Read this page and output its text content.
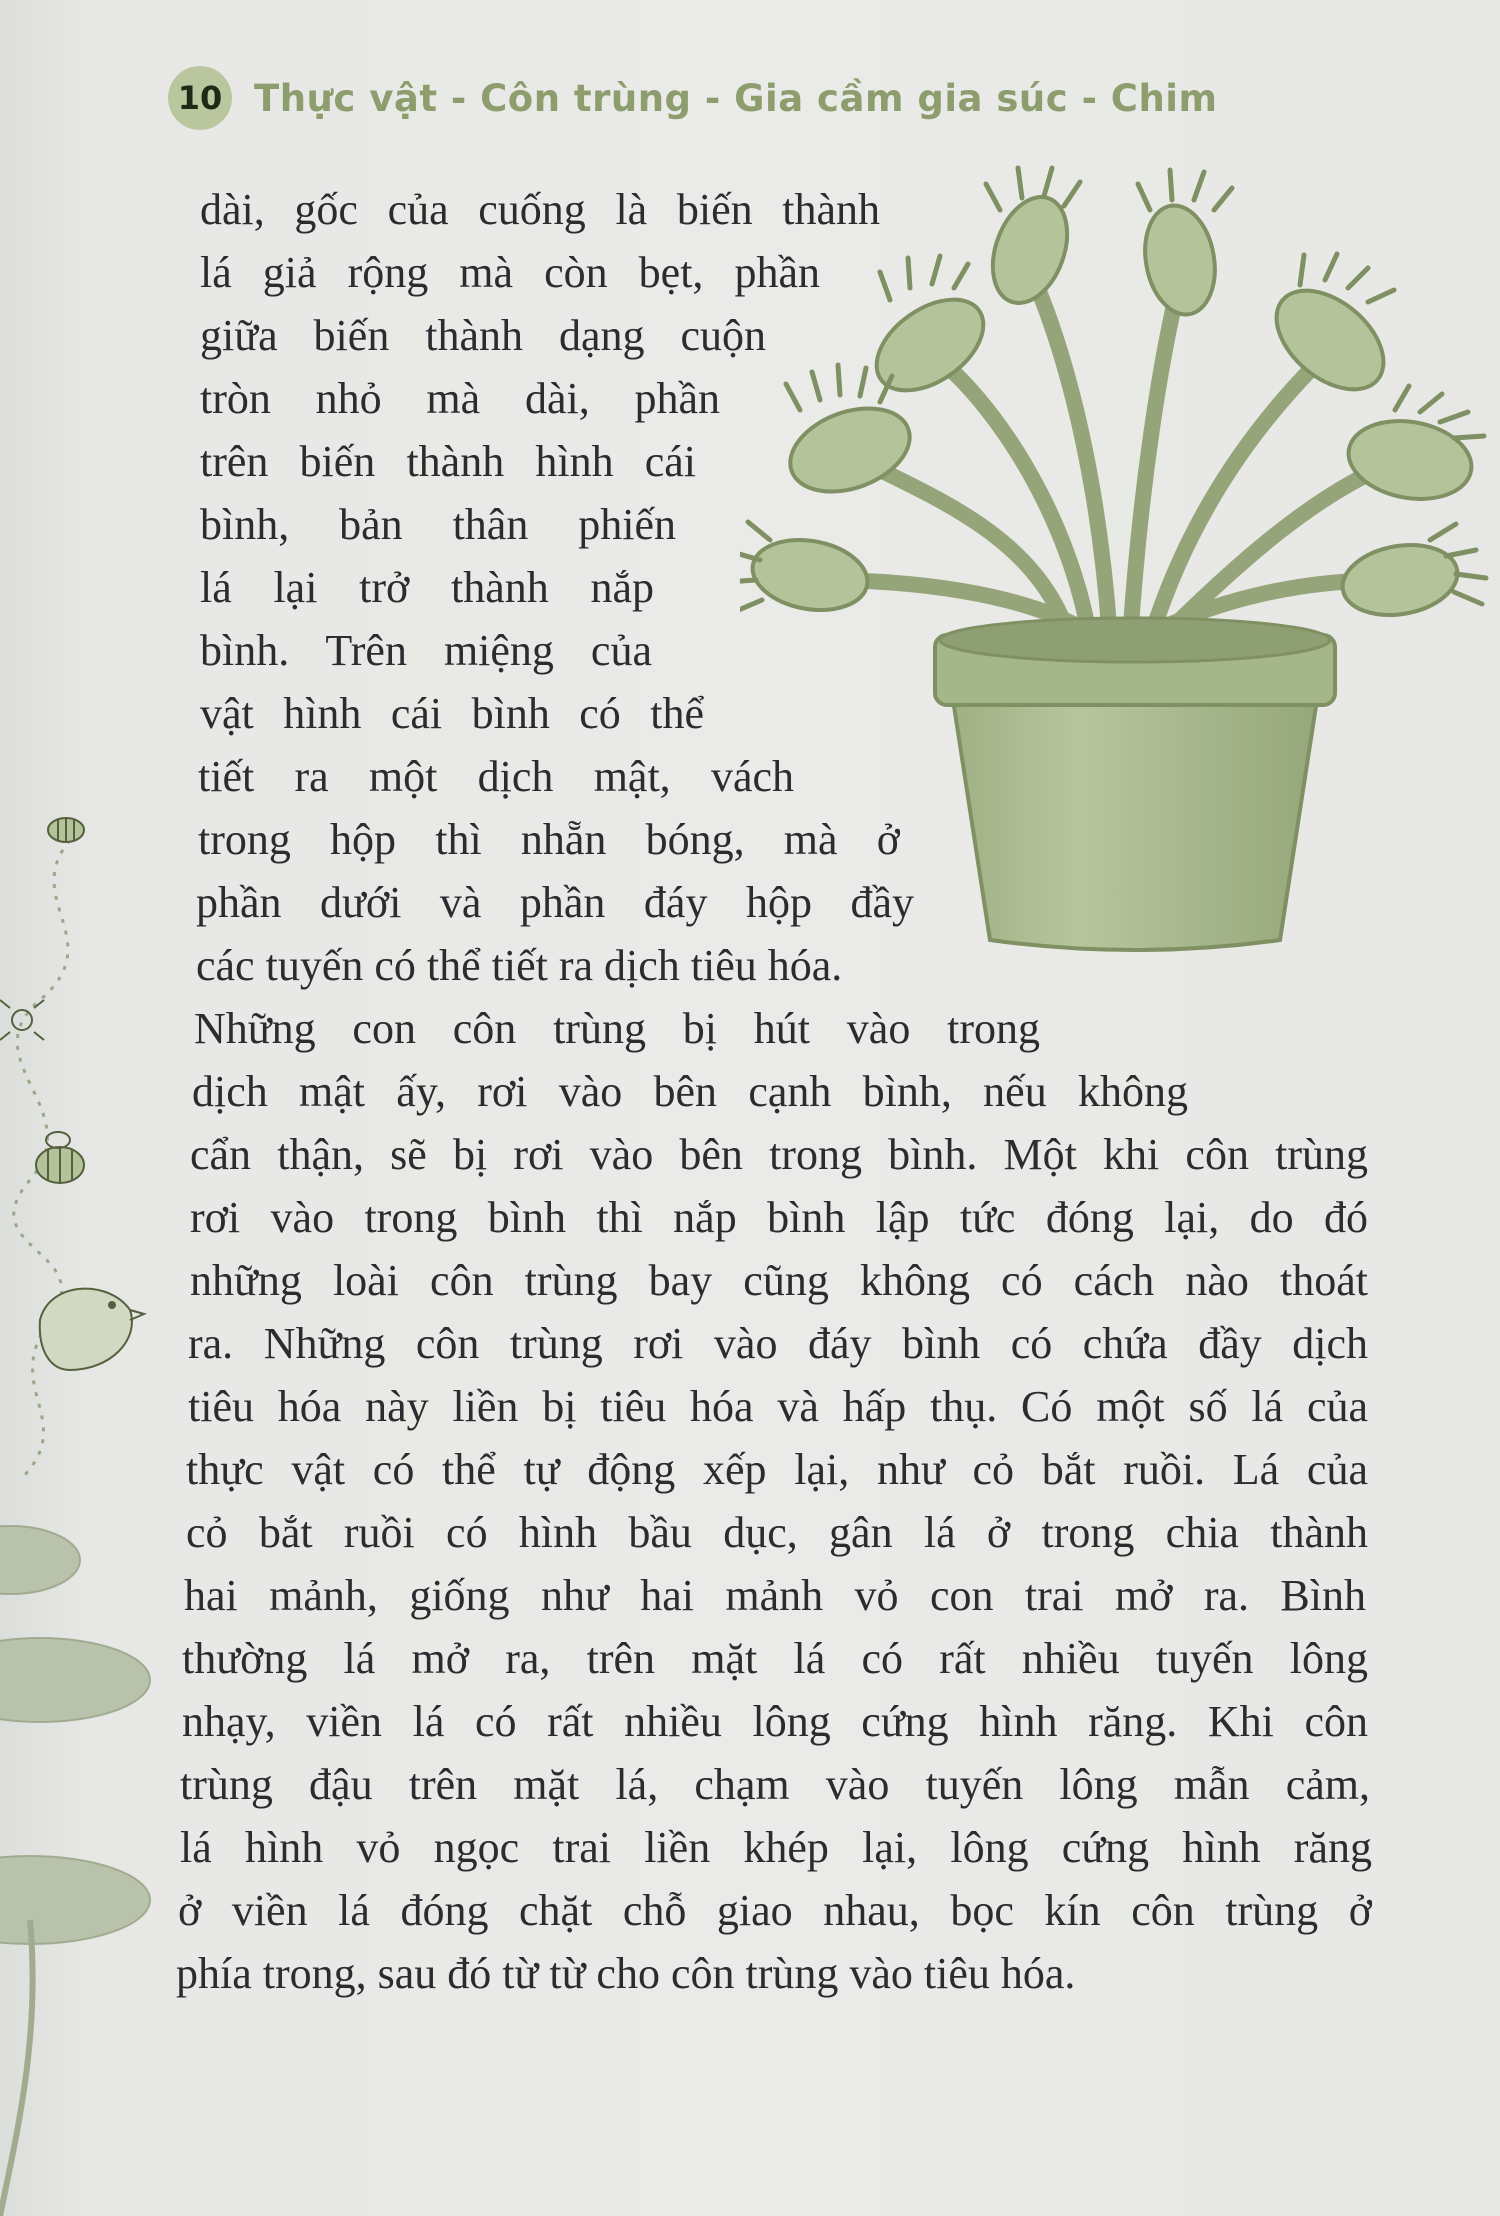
10 Thực vật - Côn trùng - Gia cầm gia súc - Chim
dài, gốc của cuống là biến thành
lá giả rộng mà còn bẹt, phần
giữa biến thành dạng cuộn
tròn nhỏ mà dài, phần
trên biến thành hình cái
bình, bản thân phiến
lá lại trở thành nắp
bình. Trên miệng của
vật hình cái bình có thể
tiết ra một dịch mật, vách
trong hộp thì nhẵn bóng, mà ở
phần dưới và phần đáy hộp đầy
các tuyến có thể tiết ra dịch tiêu hóa.
Những con côn trùng bị hút vào trong
dịch mật ấy, rơi vào bên cạnh bình, nếu không
cẩn thận, sẽ bị rơi vào bên trong bình. Một khi côn trùng
rơi vào trong bình thì nắp bình lập tức đóng lại, do đó
những loài côn trùng bay cũng không có cách nào thoát
ra. Những côn trùng rơi vào đáy bình có chứa đầy dịch
tiêu hóa này liền bị tiêu hóa và hấp thụ. Có một số lá của
thực vật có thể tự động xếp lại, như cỏ bắt ruồi. Lá của
cỏ bắt ruồi có hình bầu dục, gân lá ở trong chia thành
hai mảnh, giống như hai mảnh vỏ con trai mở ra. Bình
thường lá mở ra, trên mặt lá có rất nhiều tuyến lông
nhạy, viền lá có rất nhiều lông cứng hình răng. Khi côn
trùng đậu trên mặt lá, chạm vào tuyến lông mẫn cảm,
lá hình vỏ ngọc trai liền khép lại, lông cứng hình răng
ở viền lá đóng chặt chỗ giao nhau, bọc kín côn trùng ở
phía trong, sau đó từ từ cho côn trùng vào tiêu hóa.
